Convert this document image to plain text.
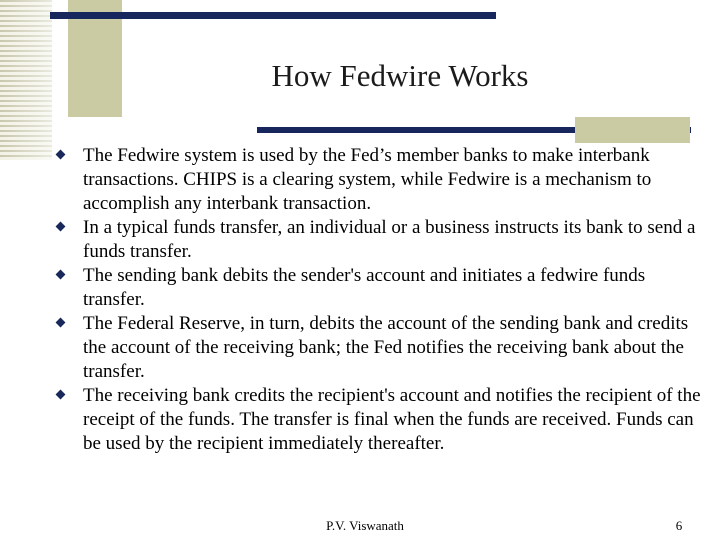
How Fedwire Works
The Fedwire system is used by the Fed’s member banks to make interbank transactions. CHIPS is a clearing system, while Fedwire is a mechanism to accomplish any interbank transaction.
In a typical funds transfer, an individual or a business instructs its bank to send a funds transfer.
The sending bank debits the sender's account and initiates a fedwire funds transfer.
The Federal Reserve, in turn, debits the account of the sending bank and credits the account of the receiving bank; the Fed notifies the receiving bank about the transfer.
The receiving bank credits the recipient's account and notifies the recipient of the receipt of the funds. The transfer is final when the funds are received. Funds can be used by the recipient immediately thereafter.
P.V. Viswanath	6
